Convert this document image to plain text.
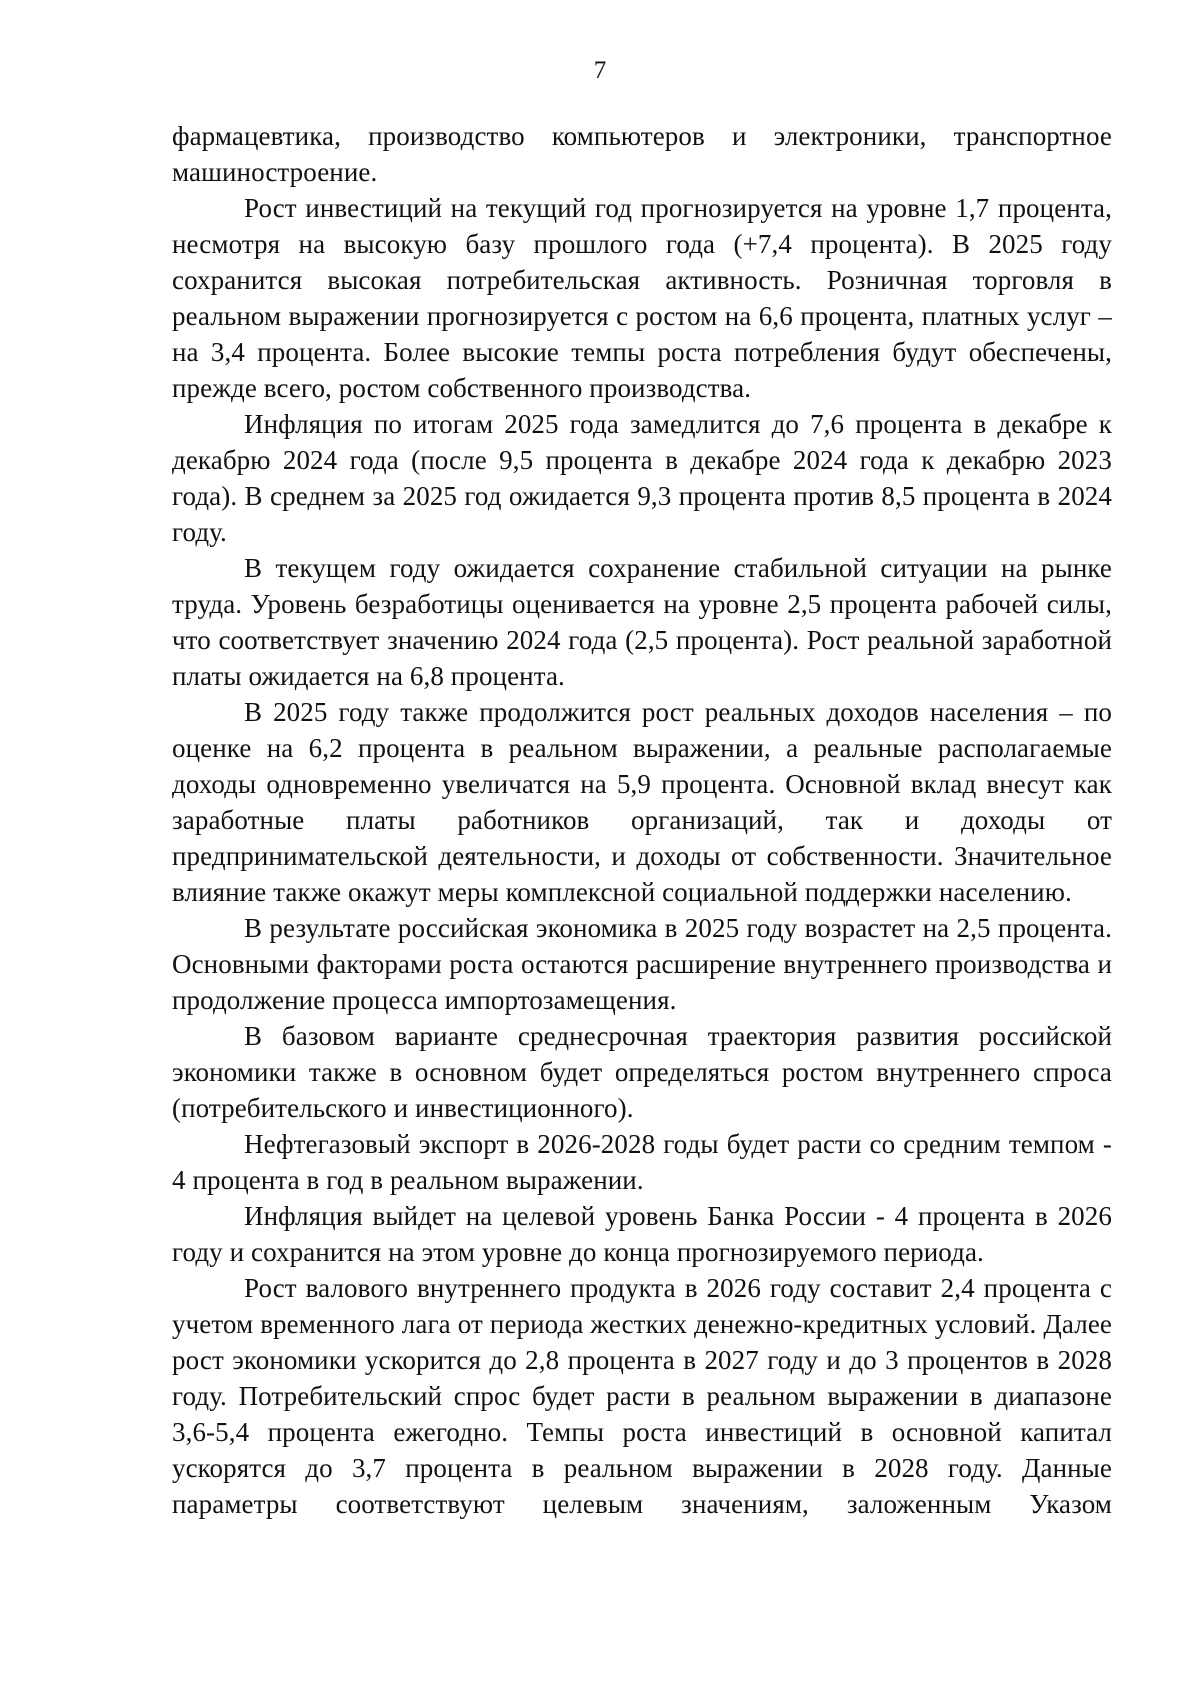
7

фармацевтика, производство компьютеров и электроники, транспортное машиностроение.

Рост инвестиций на текущий год прогнозируется на уровне 1,7 процента, несмотря на высокую базу прошлого года (+7,4 процента). В 2025 году сохранится высокая потребительская активность. Розничная торговля в реальном выражении прогнозируется с ростом на 6,6 процента, платных услуг – на 3,4 процента. Более высокие темпы роста потребления будут обеспечены, прежде всего, ростом собственного производства.

Инфляция по итогам 2025 года замедлится до 7,6 процента в декабре к декабрю 2024 года (после 9,5 процента в декабре 2024 года к декабрю 2023 года). В среднем за 2025 год ожидается 9,3 процента против 8,5 процента в 2024 году.

В текущем году ожидается сохранение стабильной ситуации на рынке труда. Уровень безработицы оценивается на уровне 2,5 процента рабочей силы, что соответствует значению 2024 года (2,5 процента). Рост реальной заработной платы ожидается на 6,8 процента.

В 2025 году также продолжится рост реальных доходов населения – по оценке на 6,2 процента в реальном выражении, а реальные располагаемые доходы одновременно увеличатся на 5,9 процента. Основной вклад внесут как заработные платы работников организаций, так и доходы от предпринимательской деятельности, и доходы от собственности. Значительное влияние также окажут меры комплексной социальной поддержки населению.

В результате российская экономика в 2025 году возрастет на 2,5 процента. Основными факторами роста остаются расширение внутреннего производства и продолжение процесса импортозамещения.

В базовом варианте среднесрочная траектория развития российской экономики также в основном будет определяться ростом внутреннего спроса (потребительского и инвестиционного).

Нефтегазовый экспорт в 2026-2028 годы будет расти со средним темпом - 4 процента в год в реальном выражении.

Инфляция выйдет на целевой уровень Банка России - 4 процента в 2026 году и сохранится на этом уровне до конца прогнозируемого периода.

Рост валового внутреннего продукта в 2026 году составит 2,4 процента с учетом временного лага от периода жестких денежно-кредитных условий. Далее рост экономики ускорится до 2,8 процента в 2027 году и до 3 процентов в 2028 году. Потребительский спрос будет расти в реальном выражении в диапазоне 3,6-5,4 процента ежегодно. Темпы роста инвестиций в основной капитал ускорятся до 3,7 процента в реальном выражении в 2028 году. Данные параметры соответствуют целевым значениям, заложенным Указом
